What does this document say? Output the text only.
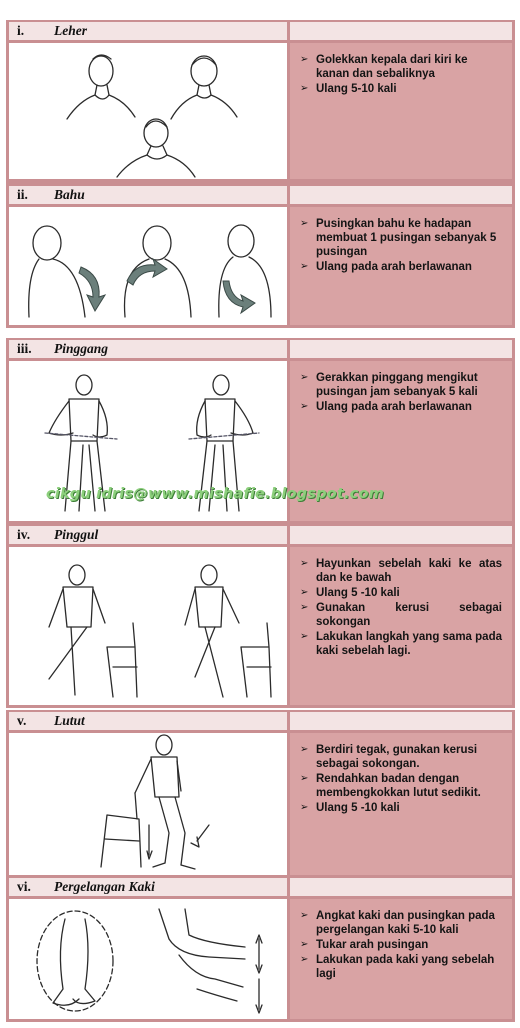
i. Leher
➢ Golekkan kepala dari kiri ke kanan dan sebaliknya
➢ Ulang 5-10 kali
ii. Bahu
➢ Pusingkan bahu ke hadapan membuat 1 pusingan sebanyak 5 pusingan
➢ Ulang pada arah berlawanan
iii. Pinggang
➢ Gerakkan pinggang mengikut pusingan jam sebanyak 5 kali
➢ Ulang pada arah berlawanan
iv. Pinggul
➢ Hayunkan sebelah kaki ke atas dan ke bawah
➢ Ulang 5 -10 kali
➢ Gunakan kerusi sebagai sokongan
➢ Lakukan langkah yang sama pada kaki sebelah lagi.
v. Lutut
➢ Berdiri tegak, gunakan kerusi sebagai sokongan.
➢ Rendahkan badan dengan membengkokkan lutut sedikit.
➢ Ulang 5 -10 kali
vi. Pergelangan Kaki
➢ Angkat kaki dan pusingkan pada pergelangan kaki 5-10 kali
➢ Tukar arah pusingan
➢ Lakukan pada kaki yang sebelah lagi
cikgu idris@www.mishafie.blogspot.com
